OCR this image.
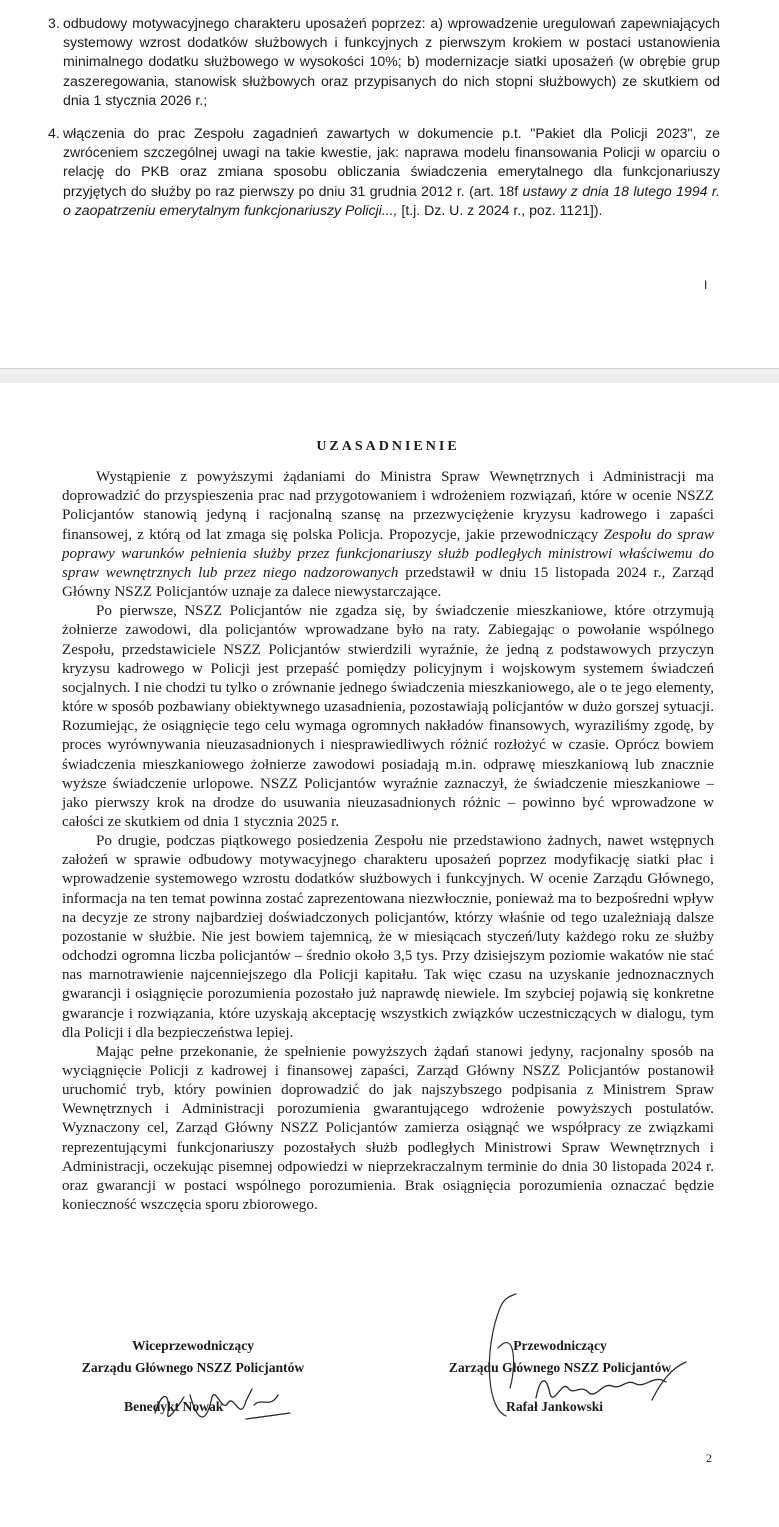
3. odbudowy motywacyjnego charakteru uposażeń poprzez: a) wprowadzenie uregulowań zapewniających systemowy wzrost dodatków służbowych i funkcyjnych z pierwszym krokiem w postaci ustanowienia minimalnego dodatku służbowego w wysokości 10%; b) modernizacje siatki uposażeń (w obrębie grup zaszeregowania, stanowisk służbowych oraz przypisanych do nich stopni służbowych) ze skutkiem od dnia 1 stycznia 2026 r.;
4. włączenia do prac Zespołu zagadnień zawartych w dokumencie p.t. "Pakiet dla Policji 2023", ze zwróceniem szczególnej uwagi na takie kwestie, jak: naprawa modelu finansowania Policji w oparciu o relację do PKB oraz zmiana sposobu obliczania świadczenia emerytalnego dla funkcjonariuszy przyjętych do służby po raz pierwszy po dniu 31 grudnia 2012 r. (art. 18f ustawy z dnia 18 lutego 1994 r. o zaopatrzeniu emerytalnym funkcjonariuszy Policji..., [t.j. Dz. U. z 2024 r., poz. 1121]).
I
UZASADNIENIE

Wystąpienie z powyższymi żądaniami do Ministra Spraw Wewnętrznych i Administracji ma doprowadzić do przyspieszenia prac nad przygotowaniem i wdrożeniem rozwiązań, które w ocenie NSZZ Policjantów stanowią jedyną i racjonalną szansę na przezwyciężenie kryzysu kadrowego i zapaści finansowej, z którą od lat zmaga się polska Policja. Propozycje, jakie przewodniczący Zespołu do spraw poprawy warunków pełnienia służby przez funkcjonariuszy służb podległych ministrowi właściwemu do spraw wewnętrznych lub przez niego nadzorowanych przedstawił w dniu 15 listopada 2024 r., Zarząd Główny NSZZ Policjantów uznaje za dalece niewystarczające.

Po pierwsze, NSZZ Policjantów nie zgadza się, by świadczenie mieszkaniowe, które otrzymują żołnierze zawodowi, dla policjantów wprowadzane było na raty. Zabiegając o powołanie wspólnego Zespołu, przedstawiciele NSZZ Policjantów stwierdzili wyraźnie, że jedną z podstawowych przyczyn kryzysu kadrowego w Policji jest przepaść pomiędzy policyjnym i wojskowym systemem świadczeń socjalnych. I nie chodzi tu tylko o zrównanie jednego świadczenia mieszkaniowego, ale o te jego elementy, które w sposób pozbawiany obiektywnego uzasadnienia, pozostawiają policjantów w dużo gorszej sytuacji. Rozumiejąc, że osiągnięcie tego celu wymaga ogromnych nakładów finansowych, wyraziliśmy zgodę, by proces wyrównywania nieuzasadnionych i niesprawiedliwych różnić rozłożyć w czasie. Oprócz bowiem świadczenia mieszkaniowego żołnierze zawodowi posiadają m.in. odprawę mieszkaniową lub znacznie wyższe świadczenie urlopowe. NSZZ Policjantów wyraźnie zaznaczył, że świadczenie mieszkaniowe – jako pierwszy krok na drodze do usuwania nieuzasadnionych różnic – powinno być wprowadzone w całości ze skutkiem od dnia 1 stycznia 2025 r.

Po drugie, podczas piątkowego posiedzenia Zespołu nie przedstawiono żadnych, nawet wstępnych założeń w sprawie odbudowy motywacyjnego charakteru uposażeń poprzez modyfikację siatki płac i wprowadzenie systemowego wzrostu dodatków służbowych i funkcyjnych. W ocenie Zarządu Głównego, informacja na ten temat powinna zostać zaprezentowana niezwłocznie, ponieważ ma to bezpośredni wpływ na decyzje ze strony najbardziej doświadczonych policjantów, którzy właśnie od tego uzależniają dalsze pozostanie w służbie. Nie jest bowiem tajemnicą, że w miesiącach styczeń/luty każdego roku ze służby odchodzi ogromna liczba policjantów – średnio około 3,5 tys. Przy dzisiejszym poziomie wakatów nie stać nas marnotrawienie najcenniejszego dla Policji kapitału. Tak więc czasu na uzyskanie jednoznacznych gwarancji i osiągnięcie porozumienia pozostało już naprawdę niewiele. Im szybciej pojawią się konkretne gwarancje i rozwiązania, które uzyskają akceptację wszystkich związków uczestniczących w dialogu, tym dla Policji i dla bezpieczeństwa lepiej.

Mając pełne przekonanie, że spełnienie powyższych żądań stanowi jedyny, racjonalny sposób na wyciągnięcie Policji z kadrowej i finansowej zapaści, Zarząd Główny NSZZ Policjantów postanowił uruchomić tryb, który powinien doprowadzić do jak najszybszego podpisania z Ministrem Spraw Wewnętrznych i Administracji porozumienia gwarantującego wdrożenie powyższych postulatów. Wyznaczony cel, Zarząd Główny NSZZ Policjantów zamierza osiągnąć we współpracy ze związkami reprezentującymi funkcjonariuszy pozostałych służb podległych Ministrowi Spraw Wewnętrznych i Administracji, oczekując pisemnej odpowiedzi w nieprzekraczalnym terminie do dnia 30 listopada 2024 r. oraz gwarancji w postaci wspólnego porozumienia. Brak osiągnięcia porozumienia oznaczać będzie konieczność wszczęcia sporu zbiorowego.

Wiceprzewodniczący
Zarządu Głównego NSZZ Policjantów
Benedykt Nowak
Przewodniczący
Zarządu Głównego NSZZ Policjantów
Rafał Jankowski
2
